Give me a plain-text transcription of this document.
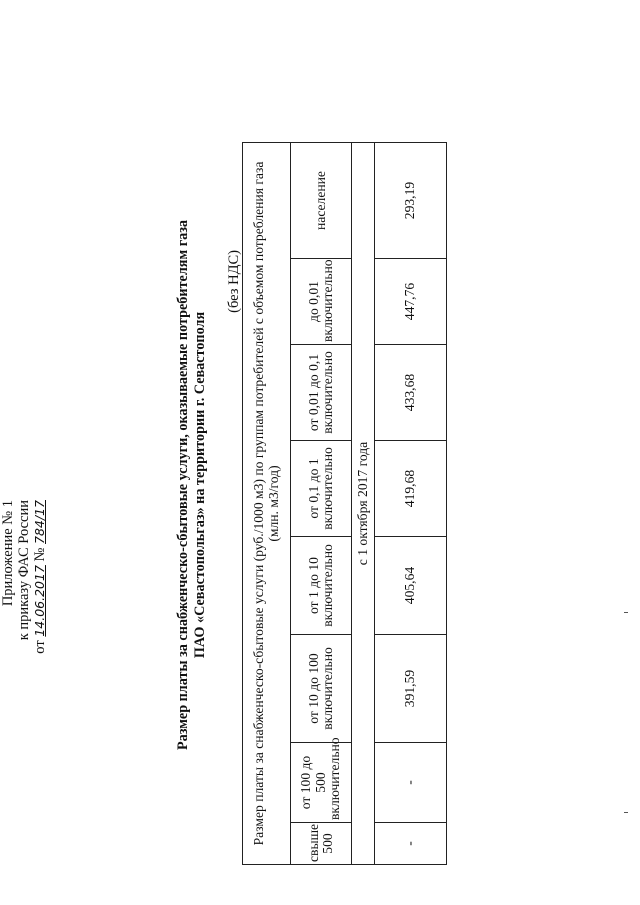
Приложение № 1 к приказу ФАС России
от 14.06.2017 № 784/17	Размер платы за снабженческо-сбытовые услуги, оказываемые потребителям газа ПАО «Севастопольгаз» на территории г. Севастополя
(без НДС) Размер платы за снабженческо-сбытовые услуги (руб./1000 м3) по группам потребителей с объемом потребления газа (млн. м3/год)							
свыше 500	от 100 до 500 включительно	от 10 до 100 включительно	от 1 до 10 включительно	от 0,1 до 1 включительно	от 0,01 до 0,1 включительно	до 0,01 включительно	население
с 1 октября 2017 года							
-	-	391,59	405,64	419,68	433,68	447,76	293,19
